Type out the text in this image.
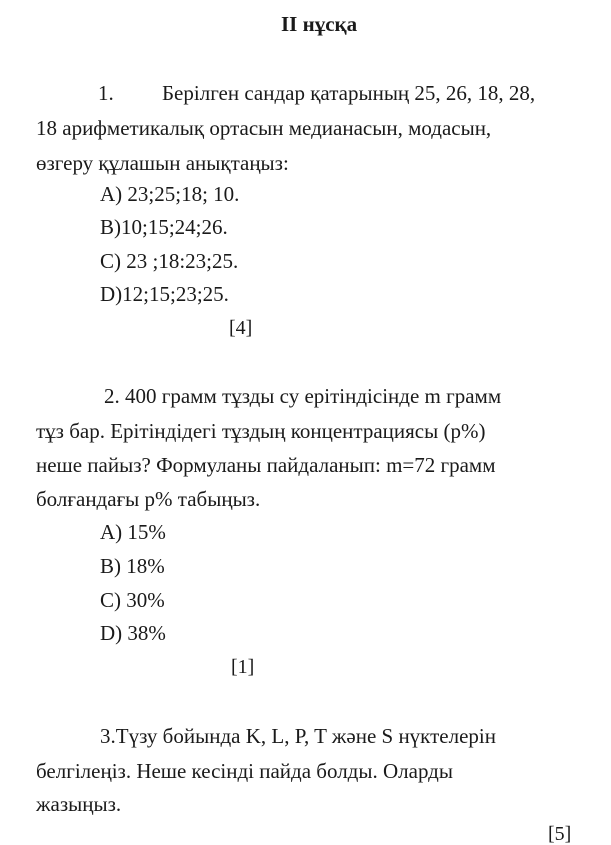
II нұсқа
1. Берілген сандар қатарының 25, 26, 18, 28,
18 арифметикалық ортасын медианасын, модасын,
өзгеру құлашын анықтаңыз:
A) 23;25;18; 10.
B)10;15;24;26.
C) 23 ;18:23;25.
D)12;15;23;25.
[4]
2. 400 грамм тұзды су ерітіндісінде m грамм
тұз бар. Ерітіндідегі тұздың концентрациясы (p%)
неше пайыз? Формуланы пайдаланып: m=72 грамм
болғандағы p% табыңыз.
A) 15%
B) 18%
C) 30%
D) 38%
[1]
3.Түзу бойында K, L, P, T және S нүктелерін
белгілеңіз. Неше кесінді пайда болды. Оларды
жазыңыз.
[5]
